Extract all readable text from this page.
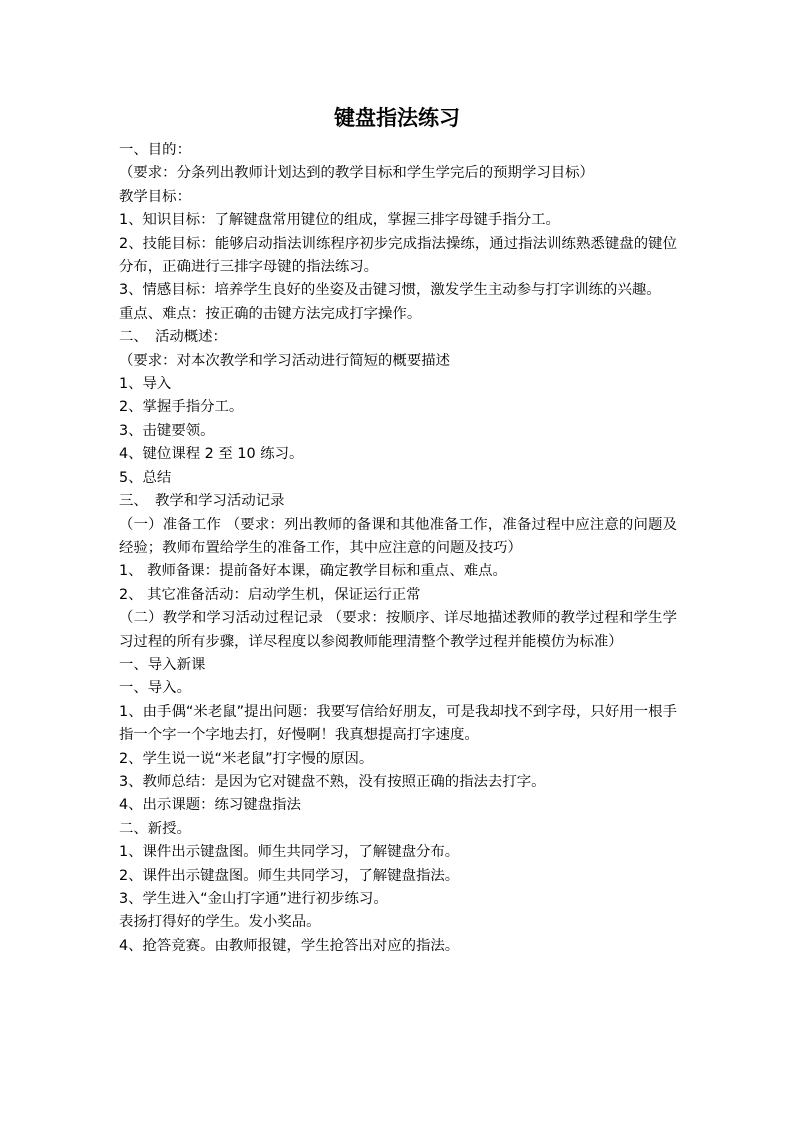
键盘指法练习

一、目的：

（要求：分条列出教师计划达到的教学目标和学生学完后的预期学习目标）

教学目标：

1、知识目标：了解键盘常用键位的组成，掌握三排字母键手指分工。

2、技能目标：能够启动指法训练程序初步完成指法操练，通过指法训练熟悉键盘的键位分布，正确进行三排字母键的指法练习。

3、情感目标：培养学生良好的坐姿及击键习惯，激发学生主动参与打字训练的兴趣。

重点、难点：按正确的击键方法完成打字操作。

二、　活动概述：

（要求：对本次教学和学习活动进行简短的概要描述

1、导入

2、掌握手指分工。

3、击键要领。

4、键位课程 2 至 10 练习。

5、总结

三、　教学和学习活动记录

（一）准备工作 （要求：列出教师的备课和其他准备工作，准备过程中应注意的问题及经验；教师布置给学生的准备工作，其中应注意的问题及技巧）

1、 教师备课：提前备好本课，确定教学目标和重点、难点。

2、 其它准备活动：启动学生机，保证运行正常

（二）教学和学习活动过程记录 （要求：按顺序、详尽地描述教师的教学过程和学生学习过程的所有步骤，详尽程度以参阅教师能理清整个教学过程并能模仿为标准）

一、导入新课

一、导入。

1、由手偶“米老鼠”提出问题：我要写信给好朋友，可是我却找不到字母，只好用一根手指一个字一个字地去打，好慢啊！我真想提高打字速度。

2、学生说一说“米老鼠”打字慢的原因。

3、教师总结：是因为它对键盘不熟，没有按照正确的指法去打字。

4、出示课题：练习键盘指法

二、新授。

1、课件出示键盘图。师生共同学习，了解键盘分布。

2、课件出示键盘图。师生共同学习，了解键盘指法。

3、学生进入“金山打字通”进行初步练习。

表扬打得好的学生。发小奖品。

4、抢答竞赛。由教师报键，学生抢答出对应的指法。
